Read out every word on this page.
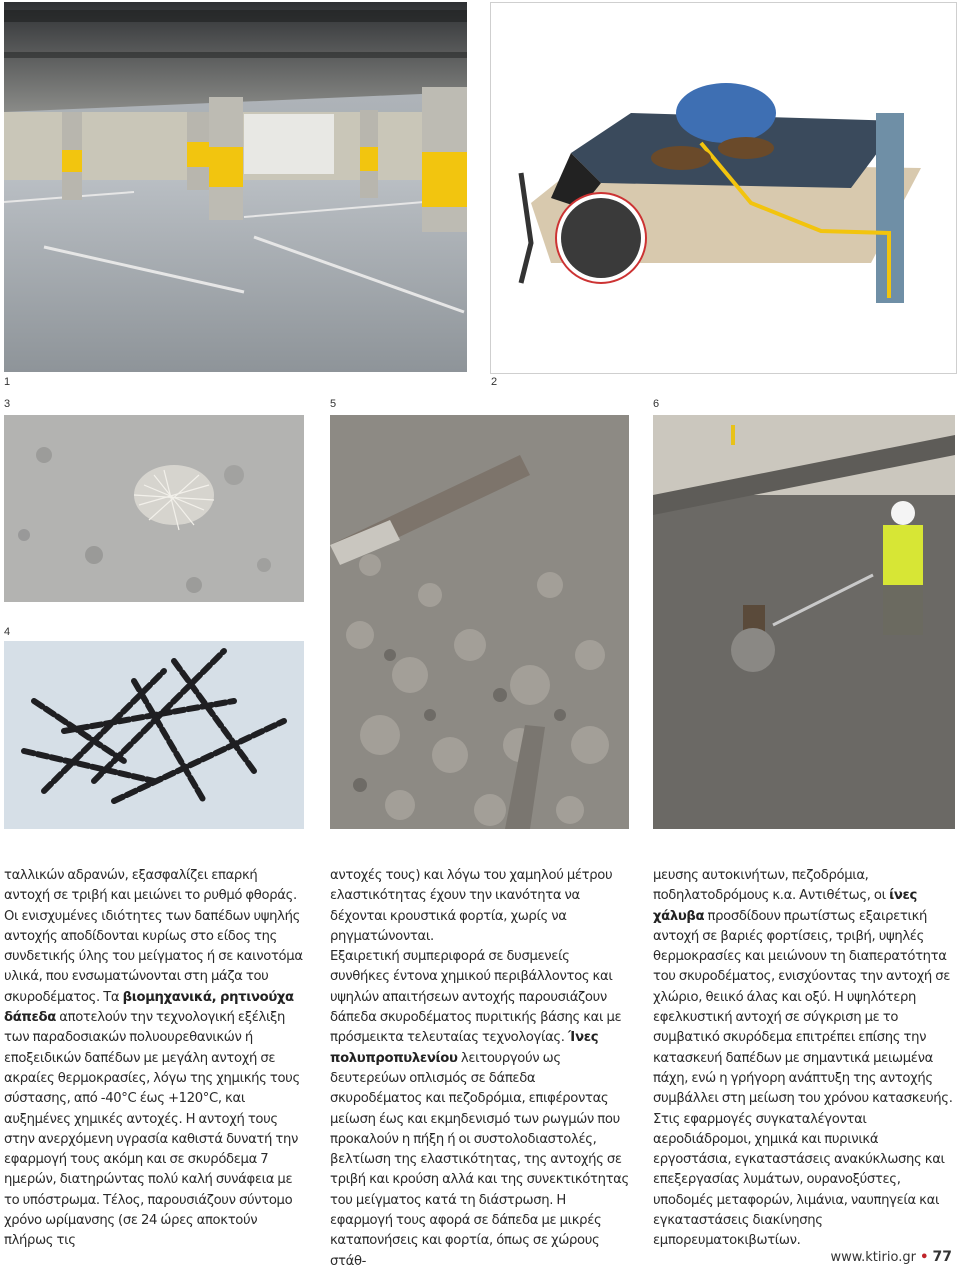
1	2
3	5	6
4

ταλλικών αδρανών, εξασφαλίζει επαρκή αντοχή σε τριβή και μειώνει το ρυθμό φθοράς.

Οι ενισχυμένες ιδιότητες των δαπέδων υψηλής αντοχής αποδίδονται κυρίως στο είδος της συνδετικής ύλης του μείγματος ή σε καινοτόμα υλικά, που ενσωματώνονται στη μάζα του σκυροδέματος. Τα βιομηχανικά, ρητινούχα δάπεδα αποτελούν την τεχνολογική εξέλιξη των παραδοσιακών πολυουρεθανικών ή εποξειδικών δαπέδων με μεγάλη αντοχή σε ακραίες θερμοκρασίες, λόγω της χημικής τους σύστασης, από -40°C έως +120°C, και αυξημένες χημικές αντοχές. Η αντοχή τους στην ανερχόμενη υγρασία καθιστά δυνατή την εφαρμογή τους ακόμη και σε σκυρόδεμα 7 ημερών, διατηρώντας πολύ καλή συνάφεια με το υπόστρωμα. Τέλος, παρουσιάζουν σύντομο χρόνο ωρίμανσης (σε 24 ώρες αποκτούν πλήρως τις

αντοχές τους) και λόγω του χαμηλού μέτρου ελαστικότητας έχουν την ικανότητα να δέχονται κρουστικά φορτία, χωρίς να ρηγματώνονται.

Εξαιρετική συμπεριφορά σε δυσμενείς συνθήκες έντονα χημικού περιβάλλοντος και υψηλών απαιτήσεων αντοχής παρουσιάζουν δάπεδα σκυροδέματος πυριτικής βάσης και με πρόσμεικτα τελευταίας τεχνολογίας. Ίνες πολυπροπυλενίου λειτουργούν ως δευτερεύων οπλισμός σε δάπεδα σκυροδέματος και πεζοδρόμια, επιφέροντας μείωση έως και εκμηδενισμό των ρωγμών που προκαλούν η πήξη ή οι συστολοδιαστολές, βελτίωση της ελαστικότητας, της αντοχής σε τριβή και κρούση αλλά και της συνεκτικότητας του μείγματος κατά τη διάστρωση. Η εφαρμογή τους αφορά σε δάπεδα με μικρές καταπονήσεις και φορτία, όπως σε χώρους στάθ-

μευσης αυτοκινήτων, πεζοδρόμια, ποδηλατοδρόμους κ.α. Αντιθέτως, οι ίνες χάλυβα προσδίδουν πρωτίστως εξαιρετική αντοχή σε βαριές φορτίσεις, τριβή, υψηλές θερμοκρασίες και μειώνουν τη διαπερατότητα του σκυροδέματος, ενισχύοντας την αντοχή σε χλώριο, θειικό άλας και οξύ. Η υψηλότερη εφελκυστική αντοχή σε σύγκριση με το συμβατικό σκυρόδεμα επιτρέπει επίσης την κατασκευή δαπέδων με σημαντικά μειωμένα πάχη, ενώ η γρήγορη ανάπτυξη της αντοχής συμβάλλει στη μείωση του χρόνου κατασκευής. Στις εφαρμογές συγκαταλέγονται αεροδιάδρομοι, χημικά και πυρινικά εργοστάσια, εγκαταστάσεις ανακύκλωσης και επεξεργασίας λυμάτων, ουρανοξύστες, υποδομές μεταφορών, λιμάνια, ναυπηγεία και εγκαταστάσεις διακίνησης εμπορευματοκιβωτίων.

www.ktirio.gr • 77
